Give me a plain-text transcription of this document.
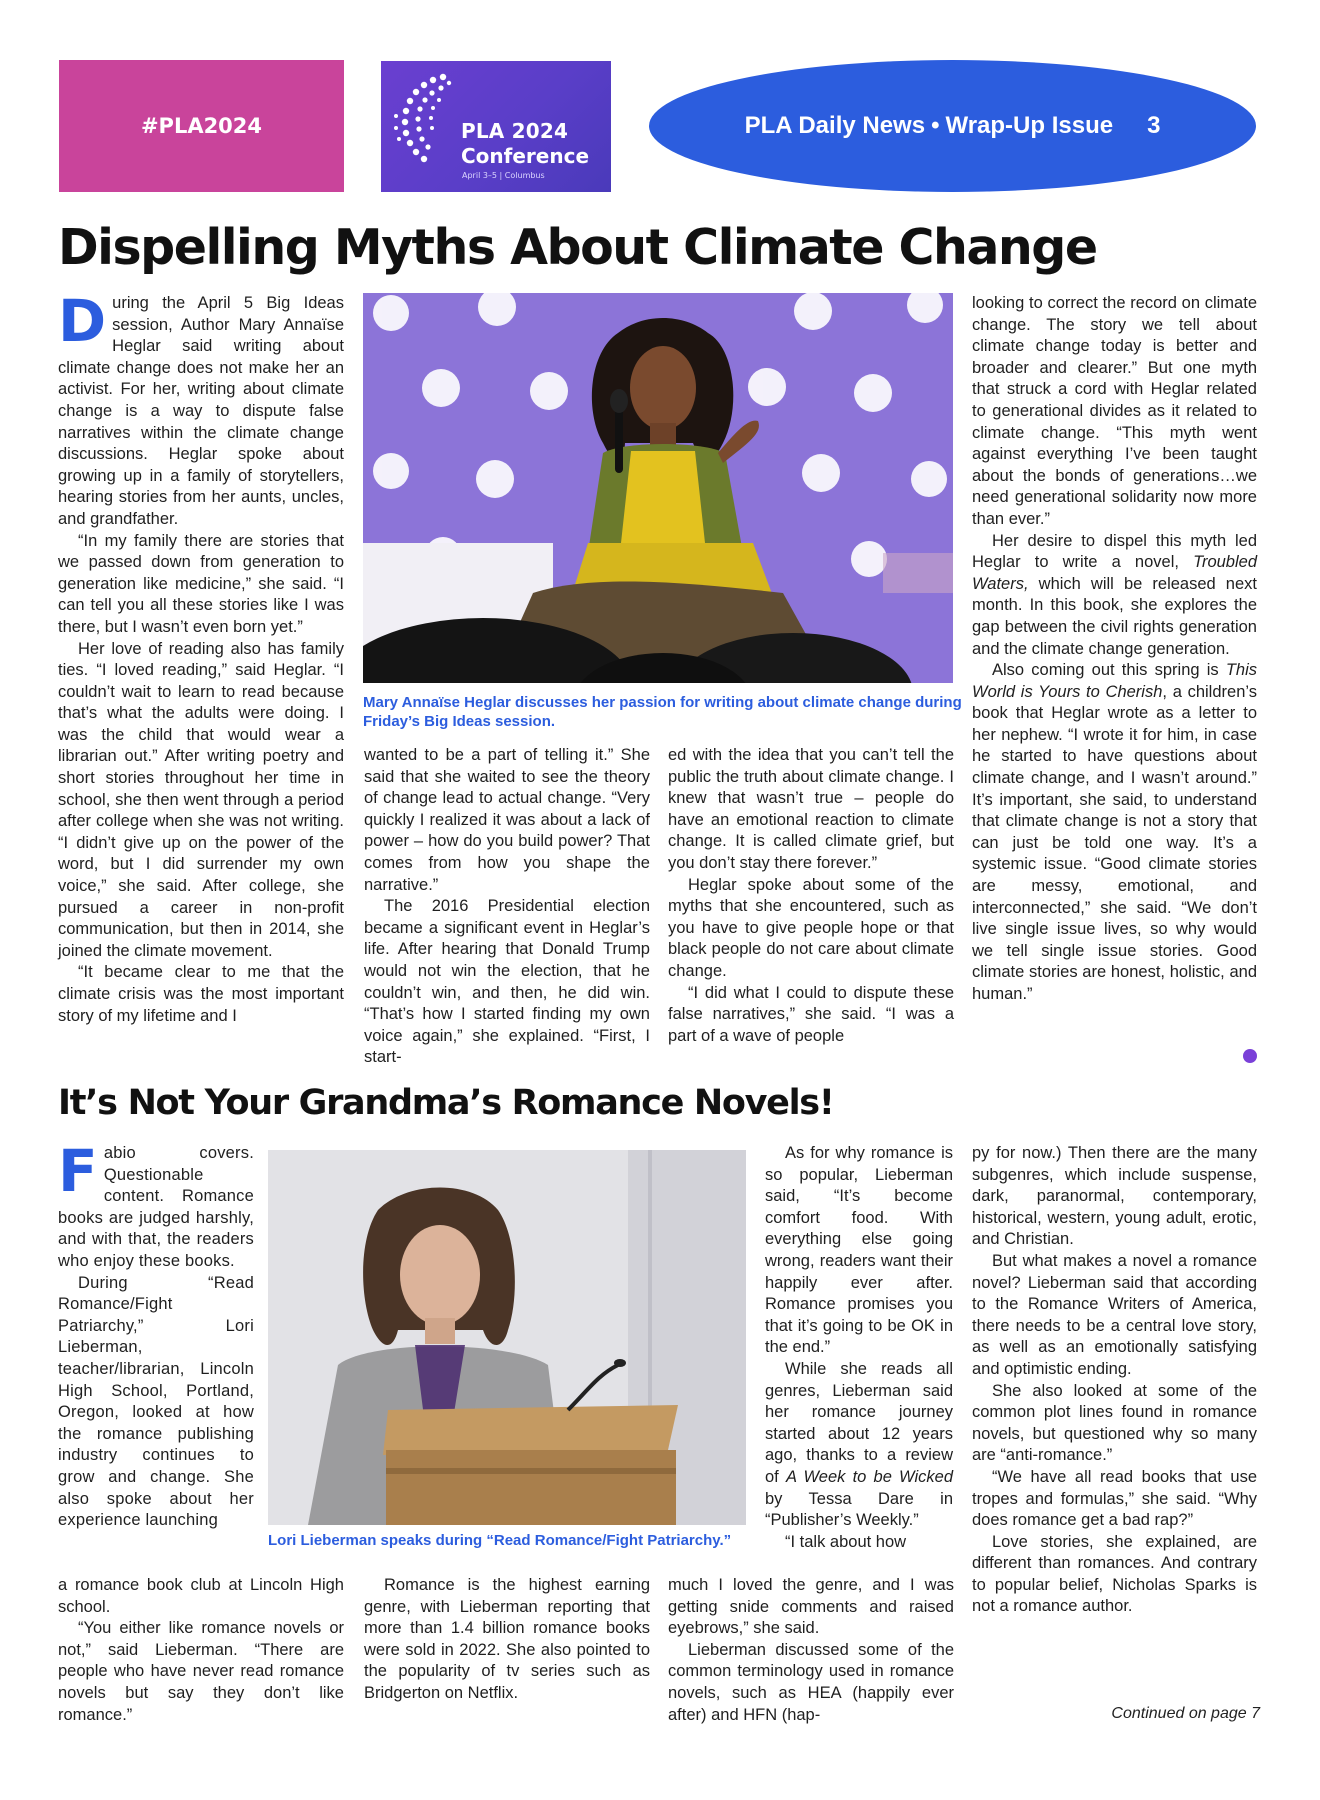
#PLA2024	PLA 2024
Conference
April 3–5 | Columbus
PLA Daily News • Wrap-Up Issue 3
Dispelling Myths About Climate Change

During the April 5 Big Ideas session, Author Mary Annaïse Heglar said writing about climate change does not make her an activist. For her, writing about climate change is a way to dispute false narratives within the climate change discussions. Heglar spoke about growing up in a family of storytellers, hearing stories from her aunts, uncles, and grandfather.

“In my family there are stories that we passed down from generation to generation like medicine,” she said. “I can tell you all these stories like I was there, but I wasn’t even born yet.”

Her love of reading also has family ties. “I loved reading,” said Heglar. “I couldn’t wait to learn to read because that’s what the adults were doing. I was the child that would wear a librarian out.” After writing poetry and short stories throughout her time in school, she then went through a period after college when she was not writing. “I didn’t give up on the power of the word, but I did surrender my own voice,” she said. After college, she pursued a career in non-profit communication, but then in 2014, she joined the climate movement.

“It became clear to me that the climate crisis was the most important story of my lifetime and I

Mary Annaïse Heglar discusses her passion for writing about climate change during Friday’s Big Ideas session.

wanted to be a part of telling it.” She said that she waited to see the theory of change lead to actual change. “Very quickly I realized it was about a lack of power – how do you build power? That comes from how you shape the narrative.”

The 2016 Presidential election became a significant event in Heglar’s life. After hearing that Donald Trump would not win the election, that he couldn’t win, and then, he did win. “That’s how I started finding my own voice again,” she explained. “First, I start-

ed with the idea that you can’t tell the public the truth about climate change. I knew that wasn’t true – people do have an emotional reaction to climate change. It is called climate grief, but you don’t stay there forever.”

Heglar spoke about some of the myths that she encountered, such as you have to give people hope or that black people do not care about climate change.

“I did what I could to dispute these false narratives,” she said. “I was a part of a wave of people

looking to correct the record on climate change. The story we tell about climate change today is better and broader and clearer.” But one myth that struck a cord with Heglar related to generational divides as it related to climate change. “This myth went against everything I’ve been taught about the bonds of generations…we need generational solidarity now more than ever.”

Her desire to dispel this myth led Heglar to write a novel, Troubled Waters, which will be released next month. In this book, she explores the gap between the civil rights generation and the climate change generation.

Also coming out this spring is This World is Yours to Cherish, a children’s book that Heglar wrote as a letter to her nephew. “I wrote it for him, in case he started to have questions about climate change, and I wasn’t around.” It’s important, she said, to understand that climate change is not a story that can just be told one way. It’s a systemic issue. “Good climate stories are messy, emotional, and interconnected,” she said. “We don’t live single issue lives, so why would we tell single issue stories. Good climate stories are honest, holistic, and human.”

It’s Not Your Grandma’s Romance Novels!

Fabio covers. Questionable content. Romance books are judged harshly, and with that, the readers who enjoy these books.

During “Read Romance/Fight Patriarchy,” Lori Lieberman, teacher/librarian, Lincoln High School, Portland, Oregon, looked at how the romance publishing industry continues to grow and change. She also spoke about her experience launching

Lori Lieberman speaks during “Read Romance/Fight Patriarchy.”

a romance book club at Lincoln High school.

“You either like romance novels or not,” said Lieberman. “There are people who have never read romance novels but say they don’t like romance.”

Romance is the highest earning genre, with Lieberman reporting that more than 1.4 billion romance books were sold in 2022. She also pointed to the popularity of tv series such as Bridgerton on Netflix.

As for why romance is so popular, Lieberman said, “It’s become comfort food. With everything else going wrong, readers want their happily ever after. Romance promises you that it’s going to be OK in the end.”

While she reads all genres, Lieberman said her romance journey started about 12 years ago, thanks to a review of A Week to be Wicked by Tessa Dare in “Publisher’s Weekly.”

“I talk about how

much I loved the genre, and I was getting snide comments and raised eyebrows,” she said.

Lieberman discussed some of the common terminology used in romance novels, such as HEA (happily ever after) and HFN (hap-

py for now.) Then there are the many subgenres, which include suspense, dark, paranormal, contemporary, historical, western, young adult, erotic, and Christian.

But what makes a novel a romance novel? Lieberman said that according to the Romance Writers of America, there needs to be a central love story, as well as an emotionally satisfying and optimistic ending.

She also looked at some of the common plot lines found in romance novels, but questioned why so many are “anti-romance.”

“We have all read books that use tropes and formulas,” she said. “Why does romance get a bad rap?”

Love stories, she explained, are different than romances. And contrary to popular belief, Nicholas Sparks is not a romance author.

Continued on page 7
